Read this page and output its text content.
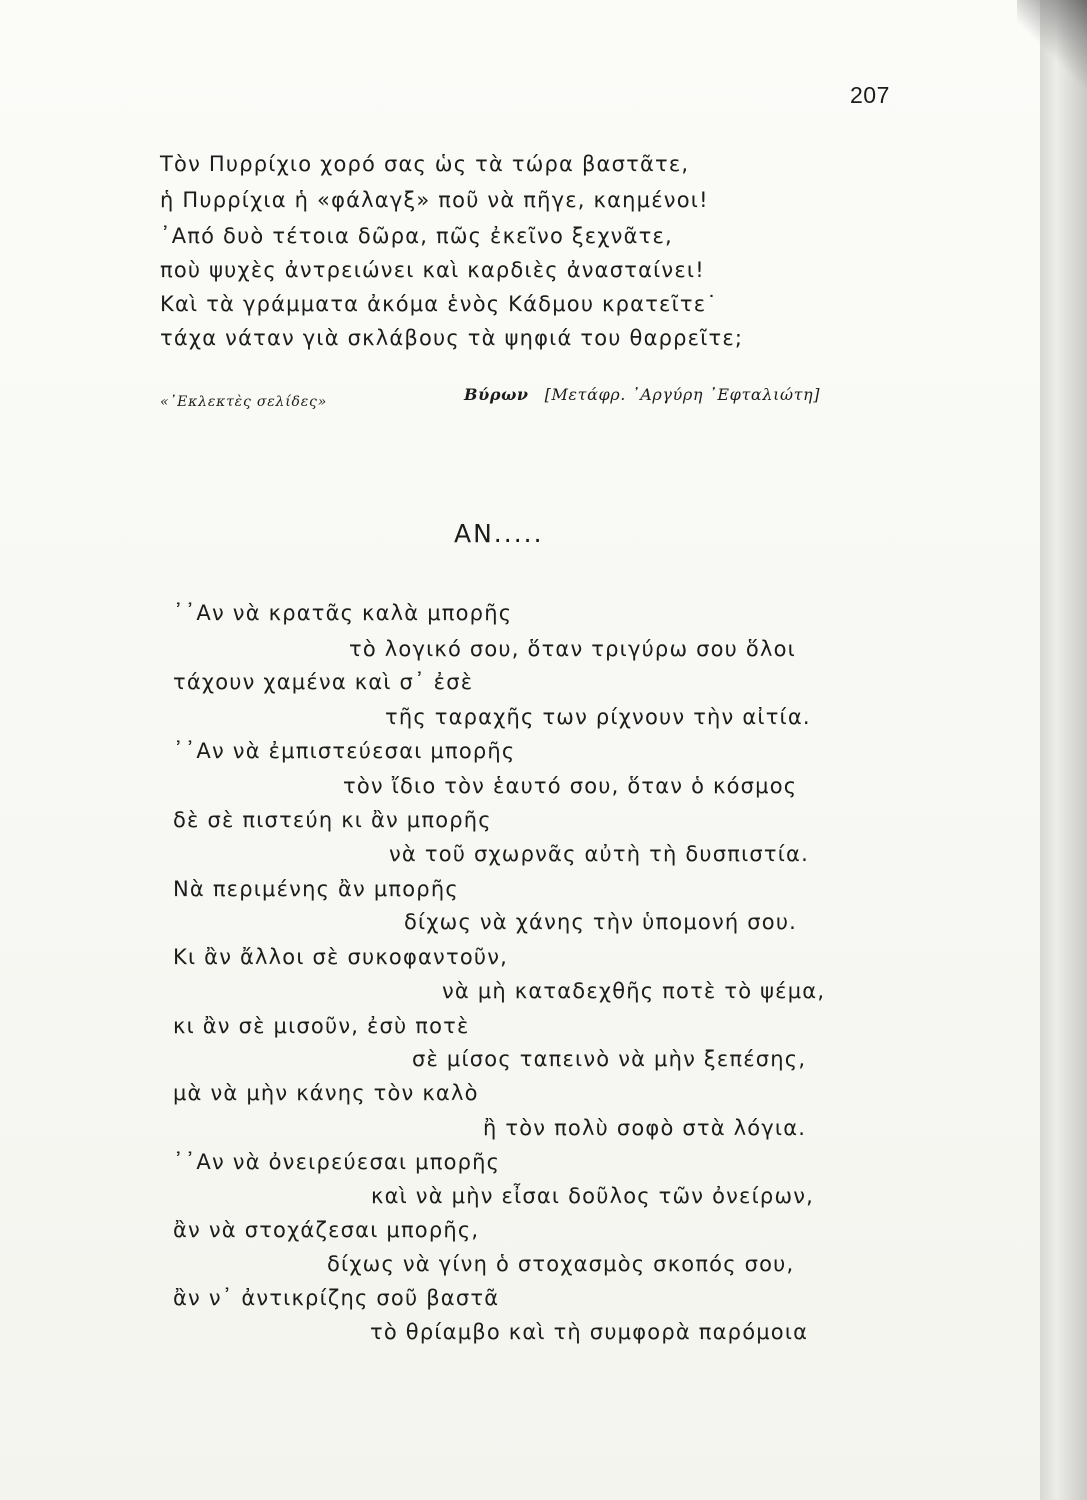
207
Τὸν Πυρρίχιο χορό σας ὡς τὰ τώρα βαστᾶτε,
ἡ Πυρρίχια ἡ «φάλαγξ» ποῦ νὰ πῆγε, καημένοι!
᾿Από δυὸ τέτοια δῶρα, πῶς ἐκεῖνο ξεχνᾶτε,
ποὺ ψυχὲς ἀντρειώνει καὶ καρδιὲς ἀνασταίνει!
Καὶ τὰ γράμματα ἀκόμα ἑνὸς Κάδμου κρατεῖτε˙
τάχα νάταν γιὰ σκλάβους τὰ ψηφιά του θαρρεῖτε;
«᾿Εκλεκτὲς σελίδες»	Βύρων [Μετάφρ. ᾿Αργύρη ᾿Εφταλιώτη]
ΑΝ.....
᾿᾿Αν νὰ κρατᾶς καλὰ μπορῆς
τὸ λογικό σου, ὅταν τριγύρω σου ὅλοι
τάχουν χαμένα καὶ σ᾿ ἐσὲ
τῆς ταραχῆς των ρίχνουν τὴν αἰτία.
᾿᾿Αν νὰ ἐμπιστεύεσαι μπορῆς
τὸν ἴδιο τὸν ἑαυτό σου, ὅταν ὁ κόσμος
δὲ σὲ πιστεύη κι ἂν μπορῆς
νὰ τοῦ σχωρνᾶς αὐτὴ τὴ δυσπιστία.
Νὰ περιμένης ἂν μπορῆς
δίχως νὰ χάνης τὴν ὑπομονή σου.
Κι ἂν ἄλλοι σὲ συκοφαντοῦν,
νὰ μὴ καταδεχθῆς ποτὲ τὸ ψέμα,
κι ἂν σὲ μισοῦν, ἐσὺ ποτὲ
σὲ μίσος ταπεινὸ νὰ μὴν ξεπέσης,
μὰ νὰ μὴν κάνης τὸν καλὸ
ἢ τὸν πολὺ σοφὸ στὰ λόγια.
᾿᾿Αν νὰ ὀνειρεύεσαι μπορῆς
καὶ νὰ μὴν εἶσαι δοῦλος τῶν ὀνείρων,
ἂν νὰ στοχάζεσαι μπορῆς,
δίχως νὰ γίνη ὁ στοχασμὸς σκοπός σου,
ἂν ν᾿ ἀντικρίζης σοῦ βαστᾶ
τὸ θρίαμβο καὶ τὴ συμφορὰ παρόμοια
